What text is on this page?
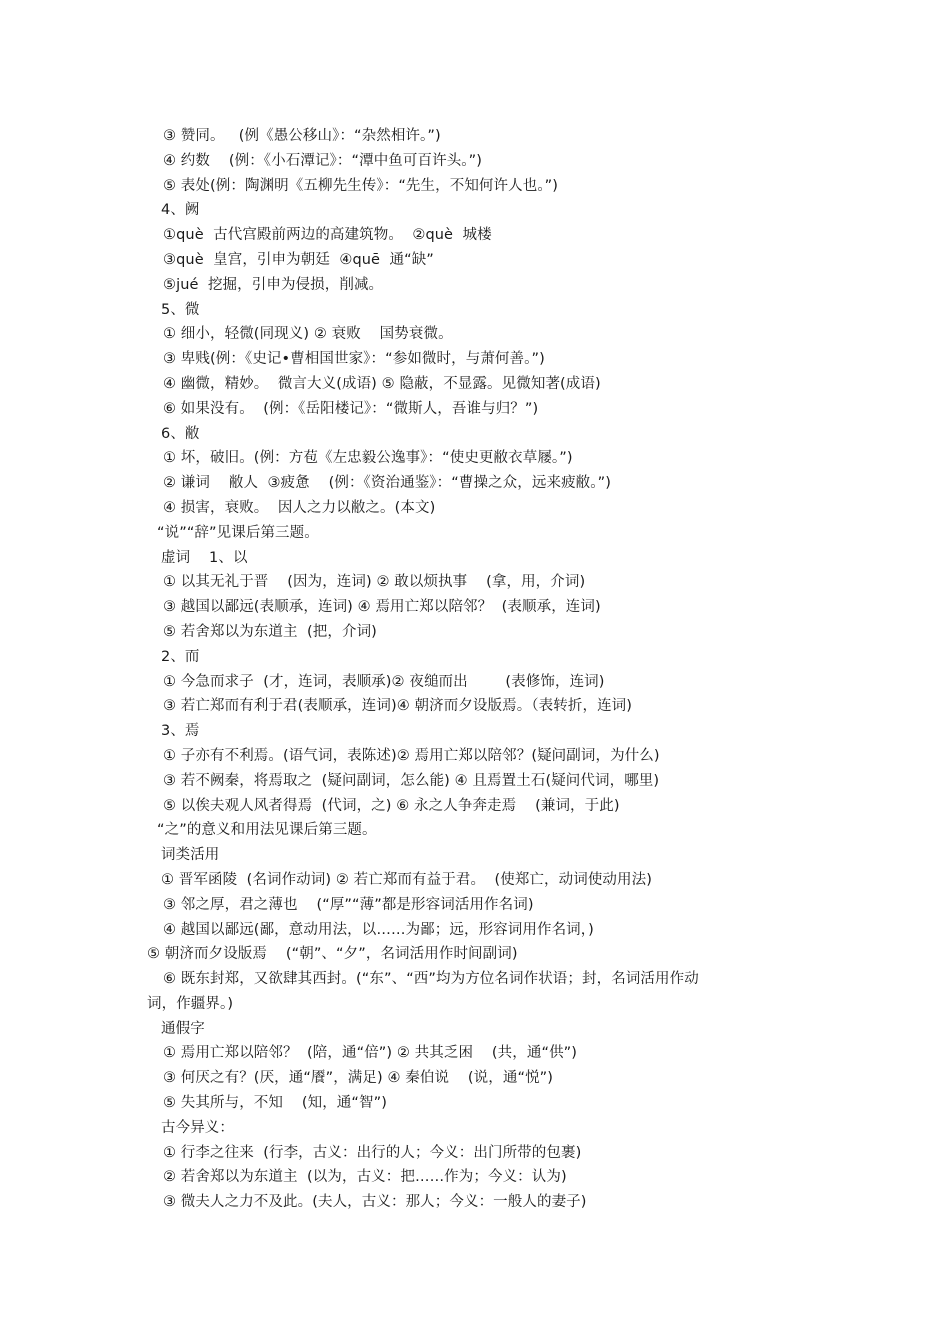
③ 赞同。   (例《愚公移山》：“杂然相许。”)
④ 约数    (例：《小石潭记》：“潭中鱼可百许头。”)
⑤ 表处(例：陶渊明《五柳先生传》：“先生，不知何许人也。”)
4、阙
①què  古代宫殿前两边的高建筑物。  ②què  城楼
③què  皇宫，引申为朝廷  ④quē  通“缺”
⑤jué  挖掘，引申为侵损，削减。
5、微
① 细小，轻微(同现义) ② 衰败    国势衰微。
③ 卑贱(例：《史记•曹相国世家》：“参如微时，与萧何善。”)
④ 幽微，精妙。  微言大义(成语) ⑤ 隐蔽，不显露。见微知著(成语)
⑥ 如果没有。  (例：《岳阳楼记》：“微斯人，吾谁与归？”)
6、敝
① 坏，破旧。(例：方苞《左忠毅公逸事》：“使史更敝衣草屦。”)
② 谦词    敝人  ③疲惫    (例：《资治通鉴》：“曹操之众，远来疲敝。”)
④ 损害，衰败。  因人之力以敝之。(本文)
“说”“辞”见课后第三题。
虚词    1、以
① 以其无礼于晋    (因为，连词) ② 敢以烦执事    (拿，用，介词)
③ 越国以鄙远(表顺承，连词) ④ 焉用亡郑以陪邻？  (表顺承，连词)
⑤ 若舍郑以为东道主  (把，介词)
2、而
① 今急而求子  (才，连词，表顺承)② 夜缒而出        (表修饰，连词)
③ 若亡郑而有利于君(表顺承，连词)④ 朝济而夕设版焉。（表转折，连词)
3、焉
① 子亦有不利焉。(语气词，表陈述)② 焉用亡郑以陪邻？(疑问副词，为什么)
③ 若不阙秦，将焉取之  (疑问副词，怎么能) ④ 且焉置土石(疑问代词，哪里)
⑤ 以俟夫观人风者得焉  (代词，之) ⑥ 永之人争奔走焉    (兼词，于此)
“之”的意义和用法见课后第三题。
词类活用
① 晋军函陵  (名词作动词) ② 若亡郑而有益于君。  (使郑亡，动词使动用法)
③ 邻之厚，君之薄也    (“厚”“薄”都是形容词活用作名词)
④ 越国以鄙远(鄙，意动用法，以……为鄙；远，形容词用作名词，)
⑤ 朝济而夕设版焉    (“朝”、“夕”，名词活用作时间副词)
⑥ 既东封郑，又欲肆其西封。(“东”、“西”均为方位名词作状语；封，名词活用作动
词，作疆界。)
通假字
① 焉用亡郑以陪邻？  (陪，通“倍”) ② 共其乏困    (共，通“供”)
③ 何厌之有？(厌，通“餍”，满足) ④ 秦伯说    (说，通“悦”)
⑤ 失其所与，不知    (知，通“智”)
古今异义：
① 行李之往来  (行李，古义：出行的人；今义：出门所带的包裹)
② 若舍郑以为东道主  (以为，古义：把……作为；今义：认为)
③ 微夫人之力不及此。(夫人，古义：那人；今义：一般人的妻子)
